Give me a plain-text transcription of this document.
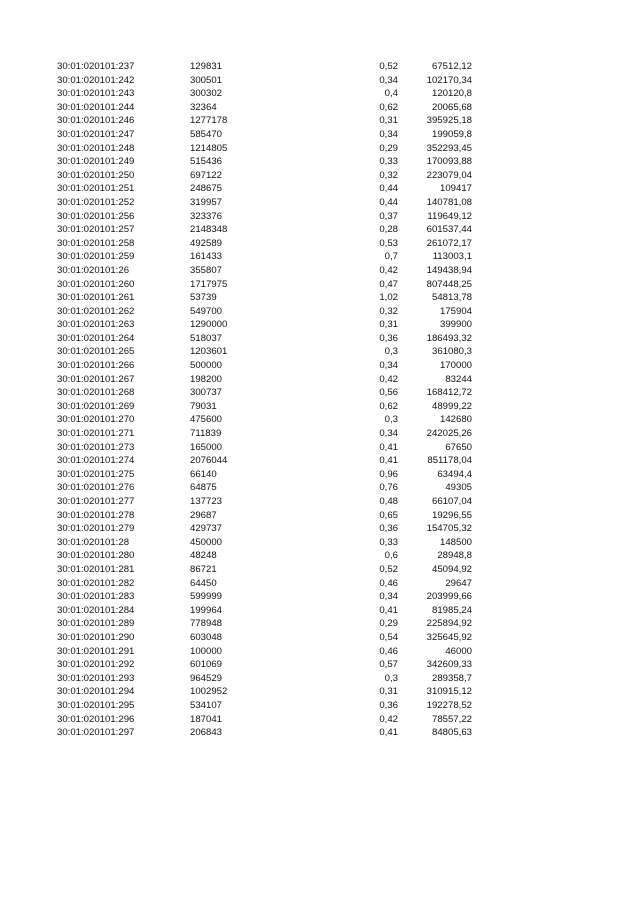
30:01:020101:237	129831	0,52	67512,12
30:01:020101:242	300501	0,34	102170,34
30:01:020101:243	300302	0,4	120120,8
30:01:020101:244	32364	0,62	20065,68
30:01:020101:246	1277178	0,31	395925,18
30:01:020101:247	585470	0,34	199059,8
30:01:020101:248	1214805	0,29	352293,45
30:01:020101:249	515436	0,33	170093,88
30:01:020101:250	697122	0,32	223079,04
30:01:020101:251	248675	0,44	109417
30:01:020101:252	319957	0,44	140781,08
30:01:020101:256	323376	0,37	119649,12
30:01:020101:257	2148348	0,28	601537,44
30:01:020101:258	492589	0,53	261072,17
30:01:020101:259	161433	0,7	113003,1
30:01:020101:26	355807	0,42	149438,94
30:01:020101:260	1717975	0,47	807448,25
30:01:020101:261	53739	1,02	54813,78
30:01:020101:262	549700	0,32	175904
30:01:020101:263	1290000	0,31	399900
30:01:020101:264	518037	0,36	186493,32
30:01:020101:265	1203601	0,3	361080,3
30:01:020101:266	500000	0,34	170000
30:01:020101:267	198200	0,42	83244
30:01:020101:268	300737	0,56	168412,72
30:01:020101:269	79031	0,62	48999,22
30:01:020101:270	475600	0,3	142680
30:01:020101:271	711839	0,34	242025,26
30:01:020101:273	165000	0,41	67650
30:01:020101:274	2076044	0,41	851178,04
30:01:020101:275	66140	0,96	63494,4
30:01:020101:276	64875	0,76	49305
30:01:020101:277	137723	0,48	66107,04
30:01:020101:278	29687	0,65	19296,55
30:01:020101:279	429737	0,36	154705,32
30:01:020101:28	450000	0,33	148500
30:01:020101:280	48248	0,6	28948,8
30:01:020101:281	86721	0,52	45094,92
30:01:020101:282	64450	0,46	29647
30:01:020101:283	599999	0,34	203999,66
30:01:020101:284	199964	0,41	81985,24
30:01:020101:289	778948	0,29	225894,92
30:01:020101:290	603048	0,54	325645,92
30:01:020101:291	100000	0,46	46000
30:01:020101:292	601069	0,57	342609,33
30:01:020101:293	964529	0,3	289358,7
30:01:020101:294	1002952	0,31	310915,12
30:01:020101:295	534107	0,36	192278,52
30:01:020101:296	187041	0,42	78557,22
30:01:020101:297	206843	0,41	84805,63
